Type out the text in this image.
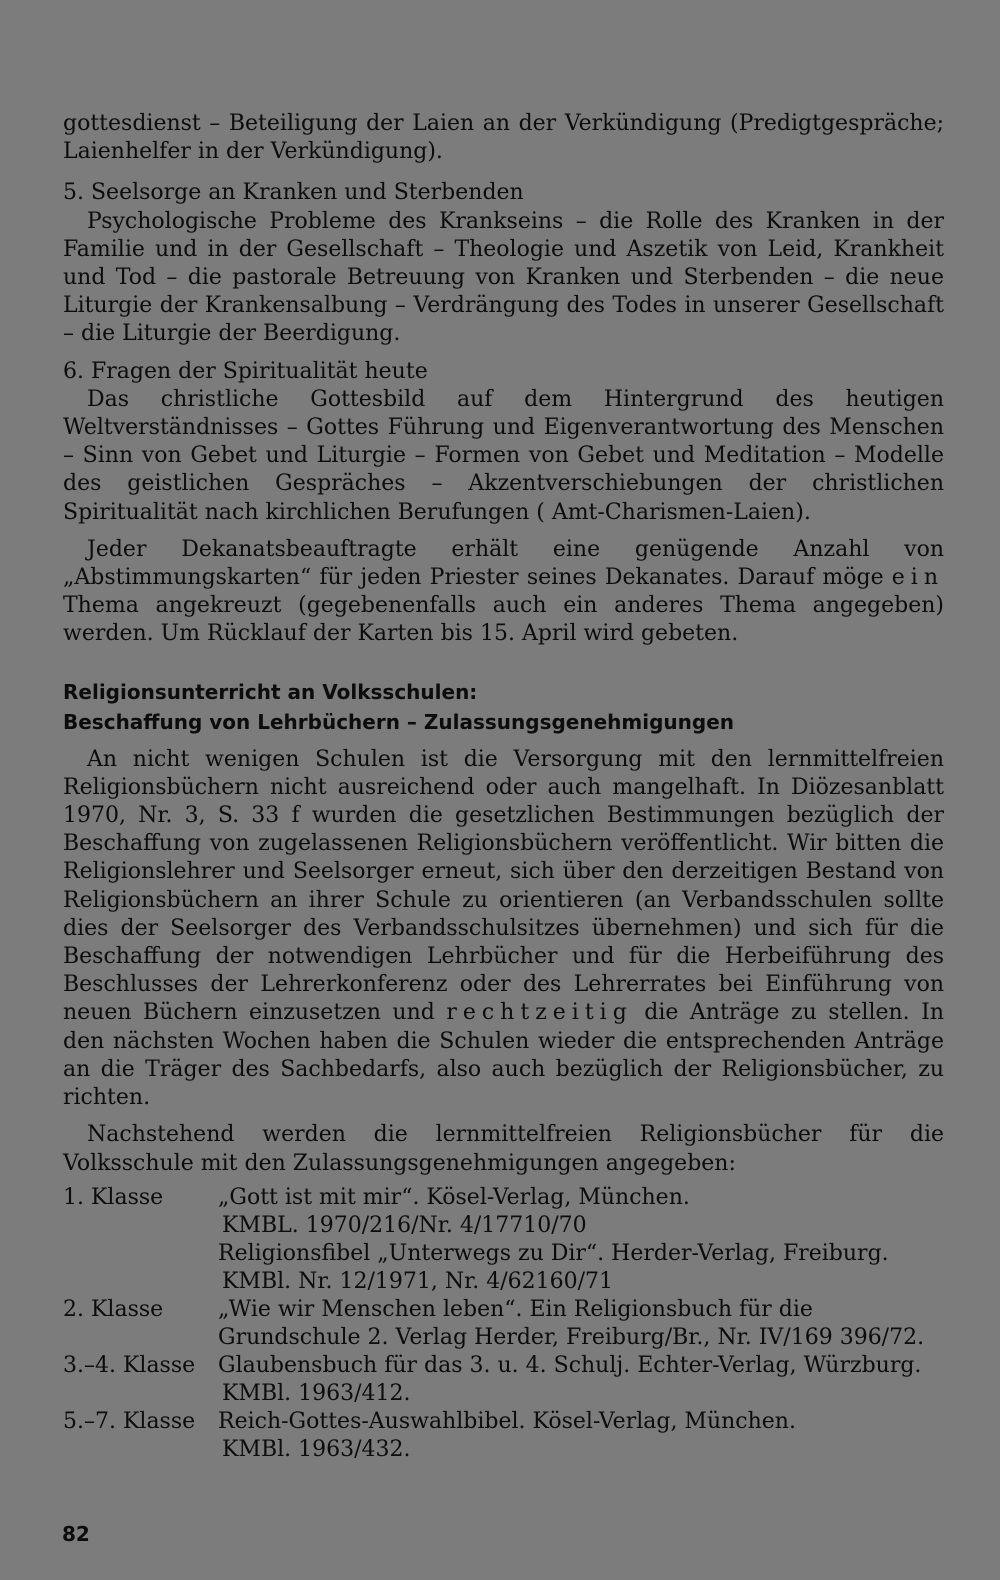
gottesdienst – Beteiligung der Laien an der Verkündigung (Predigtgespräche; Laienhelfer in der Verkündigung).

5. Seelsorge an Kranken und Sterbenden

Psychologische Probleme des Krankseins – die Rolle des Kranken in der Familie und in der Gesellschaft – Theologie und Aszetik von Leid, Krankheit und Tod – die pastorale Betreuung von Kranken und Sterbenden – die neue Liturgie der Krankensalbung – Verdrängung des Todes in unserer Gesellschaft – die Liturgie der Beerdigung.

6. Fragen der Spiritualität heute

Das christliche Gottesbild auf dem Hintergrund des heutigen Weltverständnisses – Gottes Führung und Eigenverantwortung des Menschen – Sinn von Gebet und Liturgie – Formen von Gebet und Meditation – Modelle des geistlichen Gespräches – Akzentverschiebungen der christlichen Spiritualität nach kirchlichen Berufungen ( Amt-Charismen-Laien).

Jeder Dekanatsbeauftragte erhält eine genügende Anzahl von „Abstimmungskarten“ für jeden Priester seines Dekanates. Darauf möge ein Thema angekreuzt (gegebenenfalls auch ein anderes Thema angegeben) werden. Um Rücklauf der Karten bis 15. April wird gebeten.

Religionsunterricht an Volksschulen:

Beschaffung von Lehrbüchern – Zulassungsgenehmigungen

An nicht wenigen Schulen ist die Versorgung mit den lernmittelfreien Religionsbüchern nicht ausreichend oder auch mangelhaft. In Diözesanblatt 1970, Nr. 3, S. 33 f wurden die gesetzlichen Bestimmungen bezüglich der Beschaffung von zugelassenen Religionsbüchern veröffentlicht. Wir bitten die Religionslehrer und Seelsorger erneut, sich über den derzeitigen Bestand von Religionsbüchern an ihrer Schule zu orientieren (an Verbandsschulen sollte dies der Seelsorger des Verbandsschulsitzes übernehmen) und sich für die Beschaffung der notwendigen Lehrbücher und für die Herbeiführung des Beschlusses der Lehrerkonferenz oder des Lehrerrates bei Einführung von neuen Büchern einzusetzen und rechtzeitig die Anträge zu stellen. In den nächsten Wochen haben die Schulen wieder die entsprechenden Anträge an die Träger des Sachbedarfs, also auch bezüglich der Religionsbücher, zu richten.

Nachstehend werden die lernmittelfreien Religionsbücher für die Volksschule mit den Zulassungsgenehmigungen angegeben:

1. Klasse	„Gott ist mit mir“. Kösel-Verlag, München.
KMBL. 1970/216/Nr. 4/17710/70
Religionsfibel „Unterwegs zu Dir“. Herder-Verlag, Freiburg.
KMBl. Nr. 12/1971, Nr. 4/62160/71

2. Klasse	„Wie wir Menschen leben“. Ein Religionsbuch für die Grundschule 2. Verlag Herder, Freiburg/Br., Nr. IV/169 396/72.

3.–4. Klasse	Glaubensbuch für das 3. u. 4. Schulj. Echter-Verlag, Würzburg.
KMBl. 1963/412.

5.–7. Klasse	Reich-Gottes-Auswahlbibel. Kösel-Verlag, München.
KMBl. 1963/432.
82
